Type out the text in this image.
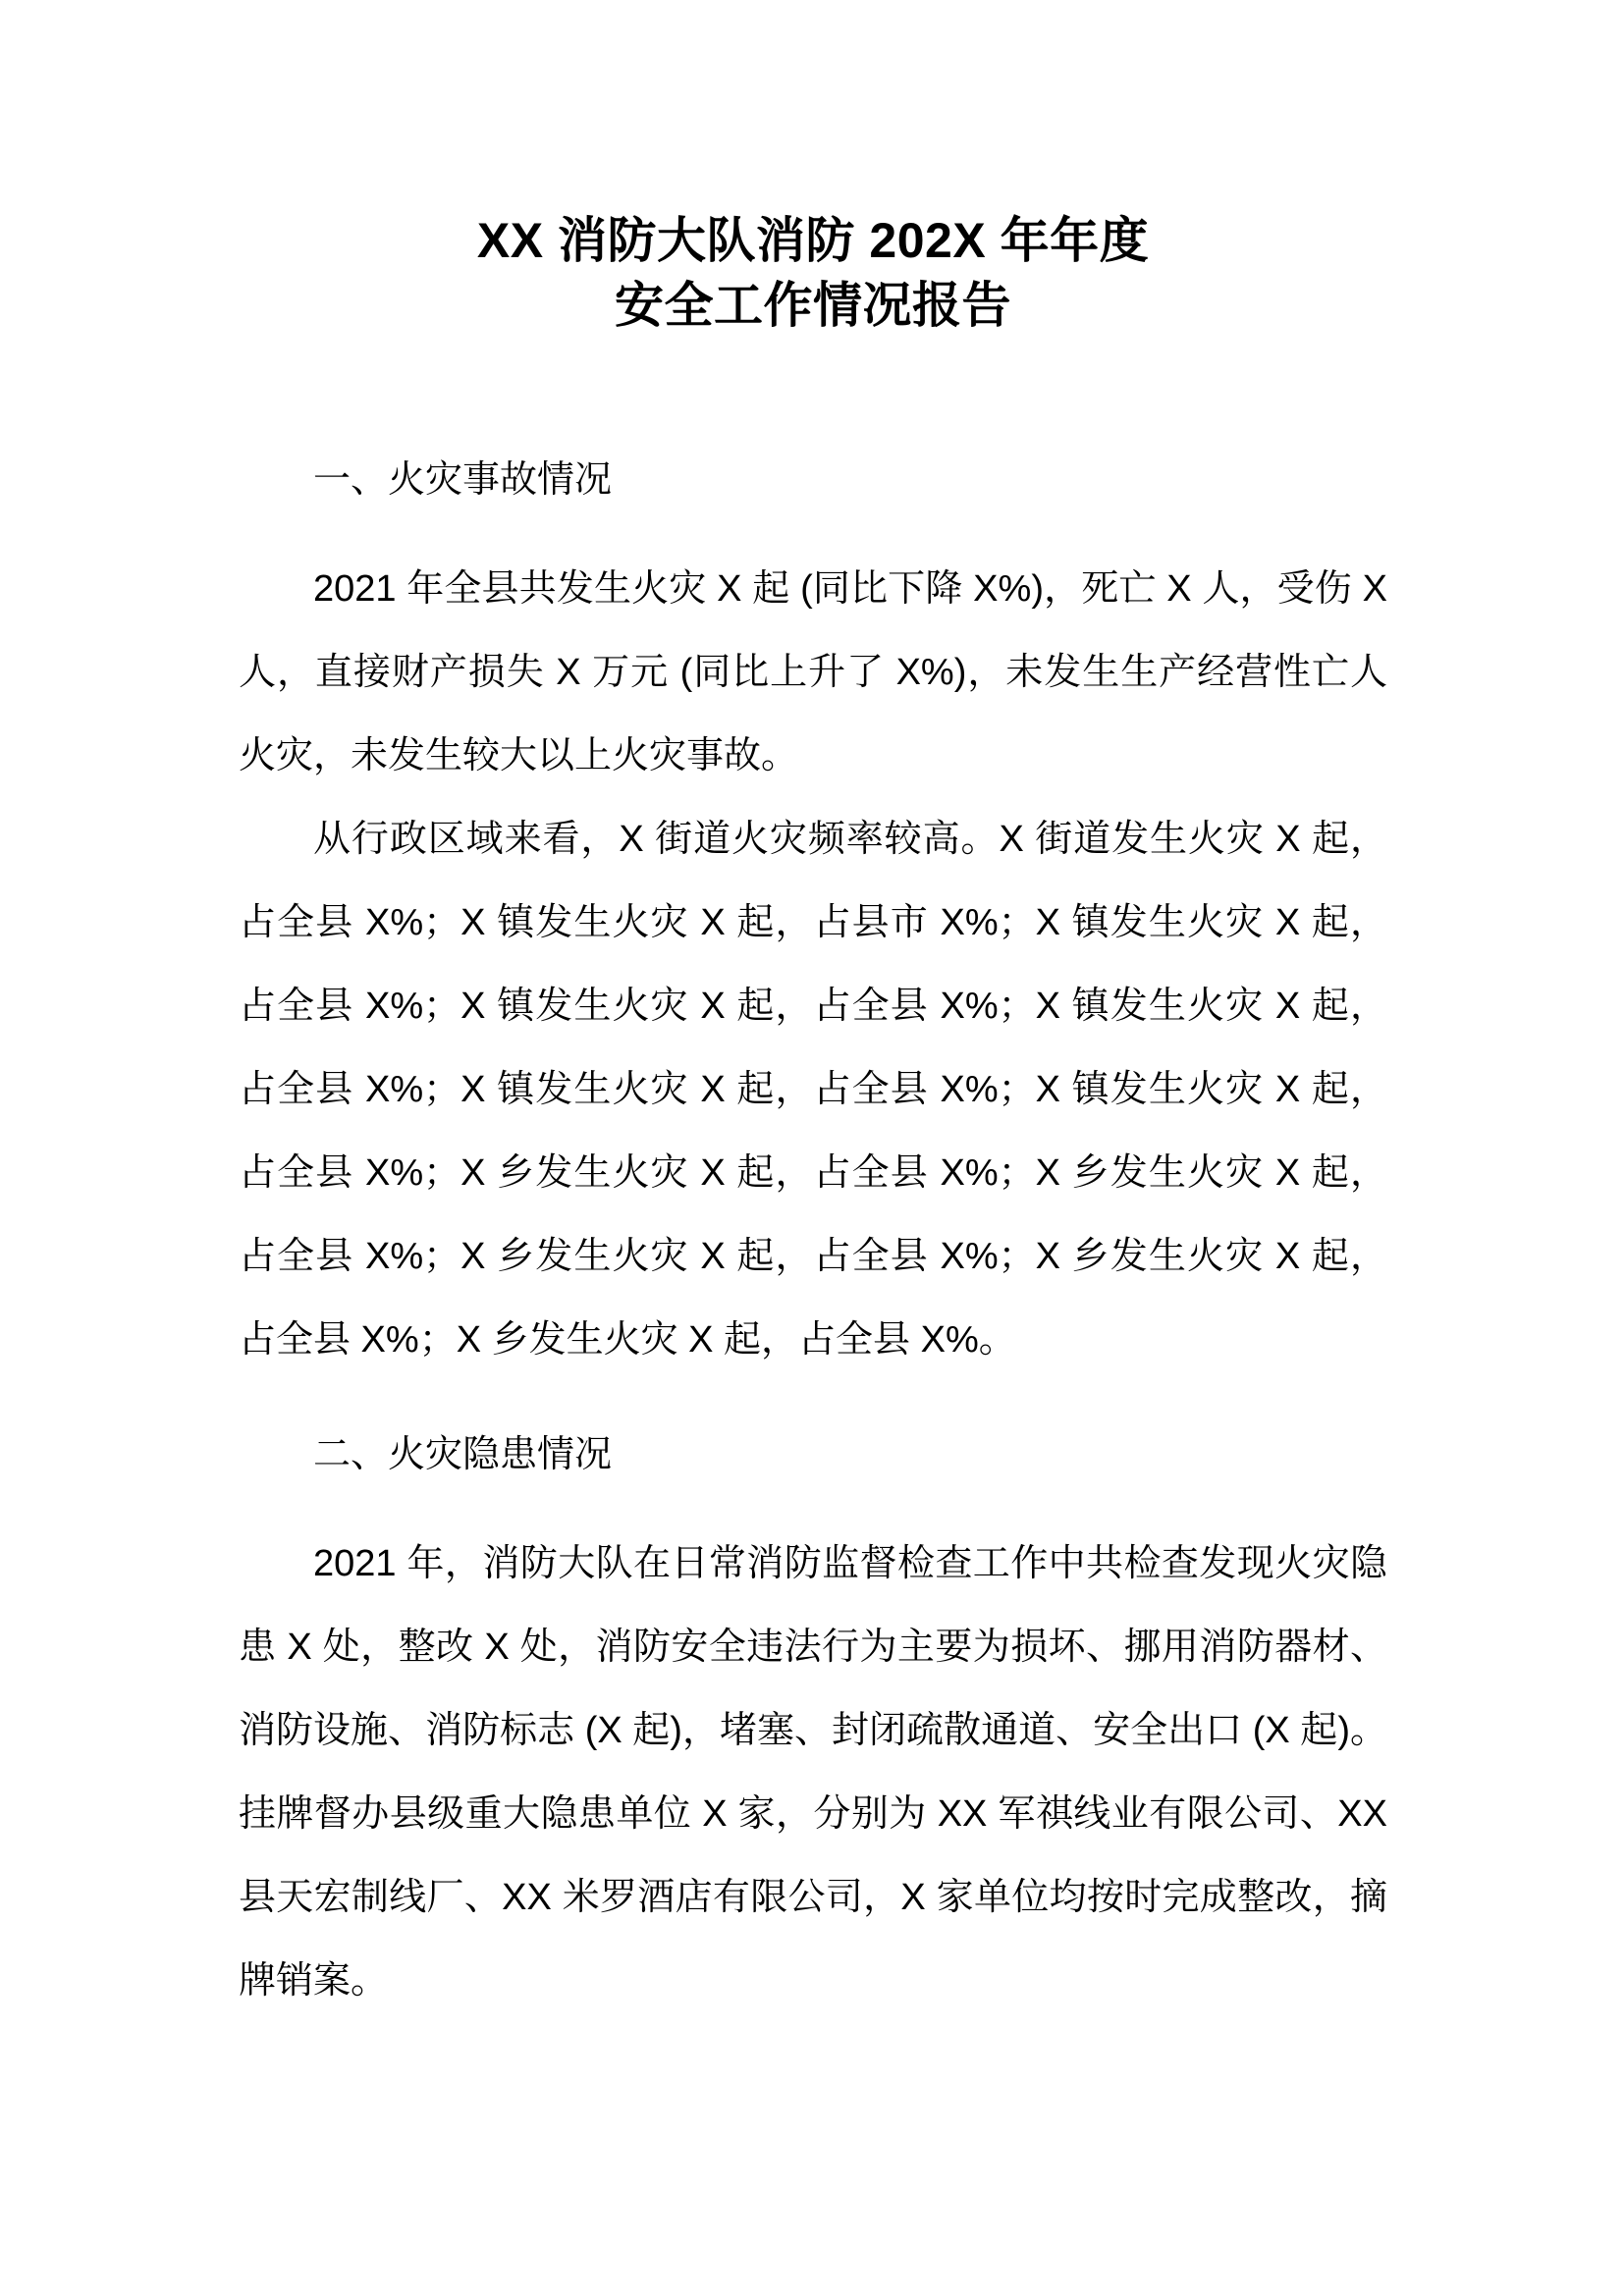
XX 消防大队消防 202X 年年度
安全工作情况报告
一、火灾事故情况

2021 年全县共发生火灾 X 起 (同比下降 X%)，死亡 X 人，受伤 X 人，直接财产损失 X 万元 (同比上升了 X%)，未发生生产经营性亡人火灾，未发生较大以上火灾事故。

从行政区域来看，X 街道火灾频率较高。X 街道发生火灾 X 起，占全县 X%；X 镇发生火灾 X 起，占县市 X%；X 镇发生火灾 X 起，占全县 X%；X 镇发生火灾 X 起，占全县 X%；X 镇发生火灾 X 起，占全县 X%；X 镇发生火灾 X 起，占全县 X%；X 镇发生火灾 X 起，占全县 X%；X 乡发生火灾 X 起，占全县 X%；X 乡发生火灾 X 起，占全县 X%；X 乡发生火灾 X 起，占全县 X%；X 乡发生火灾 X 起，占全县 X%；X 乡发生火灾 X 起，占全县 X%。

二、火灾隐患情况

2021 年，消防大队在日常消防监督检查工作中共检查发现火灾隐患 X 处，整改 X 处，消防安全违法行为主要为损坏、挪用消防器材、消防设施、消防标志 (X 起)，堵塞、封闭疏散通道、安全出口 (X 起)。挂牌督办县级重大隐患单位 X 家，分别为 XX 军祺线业有限公司、XX 县天宏制线厂、XX 米罗酒店有限公司，X 家单位均按时完成整改，摘牌销案。
